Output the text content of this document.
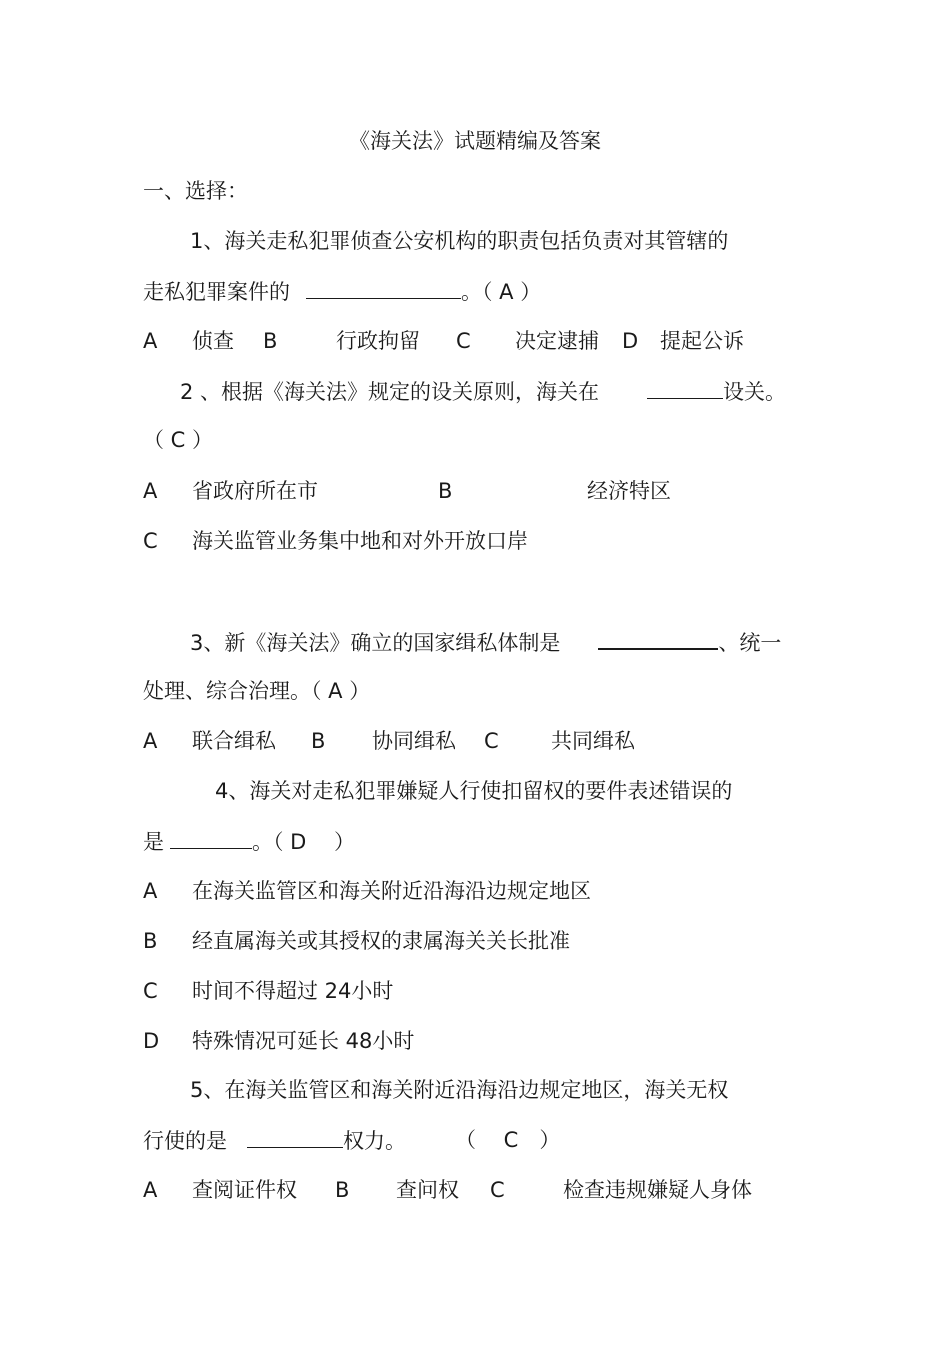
《海关法》试题精编及答案
一、选择：
1、海关走私犯罪侦查公安机构的职责包括负责对其管辖的
走私犯罪案件的	。（ A ）
A 侦查 B	行政拘留 C 决定逮捕 D 提起公诉
2 、根据《海关法》规定的设关原则，海关在	设关。
（ C ）
A 省政府所在市	B	经济特区
C 海关监管业务集中地和对外开放口岸
3、新《海关法》确立的国家缉私体制是	、统一
处理、综合治理。（ A ）
A 联合缉私 B 协同缉私 C 共同缉私
4、海关对走私犯罪嫌疑人行使扣留权的要件表述错误的
是	。（ D　 ）
A 在海关监管区和海关附近沿海沿边规定地区
B 经直属海关或其授权的隶属海关关长批准
C 时间不得超过 24小时
D 特殊情况可延长 48小时
5、在海关监管区和海关附近沿海沿边规定地区，海关无权
行使的是	权力。 （　 C　）
A 查阅证件权 B 查问权 C	检查违规嫌疑人身体
